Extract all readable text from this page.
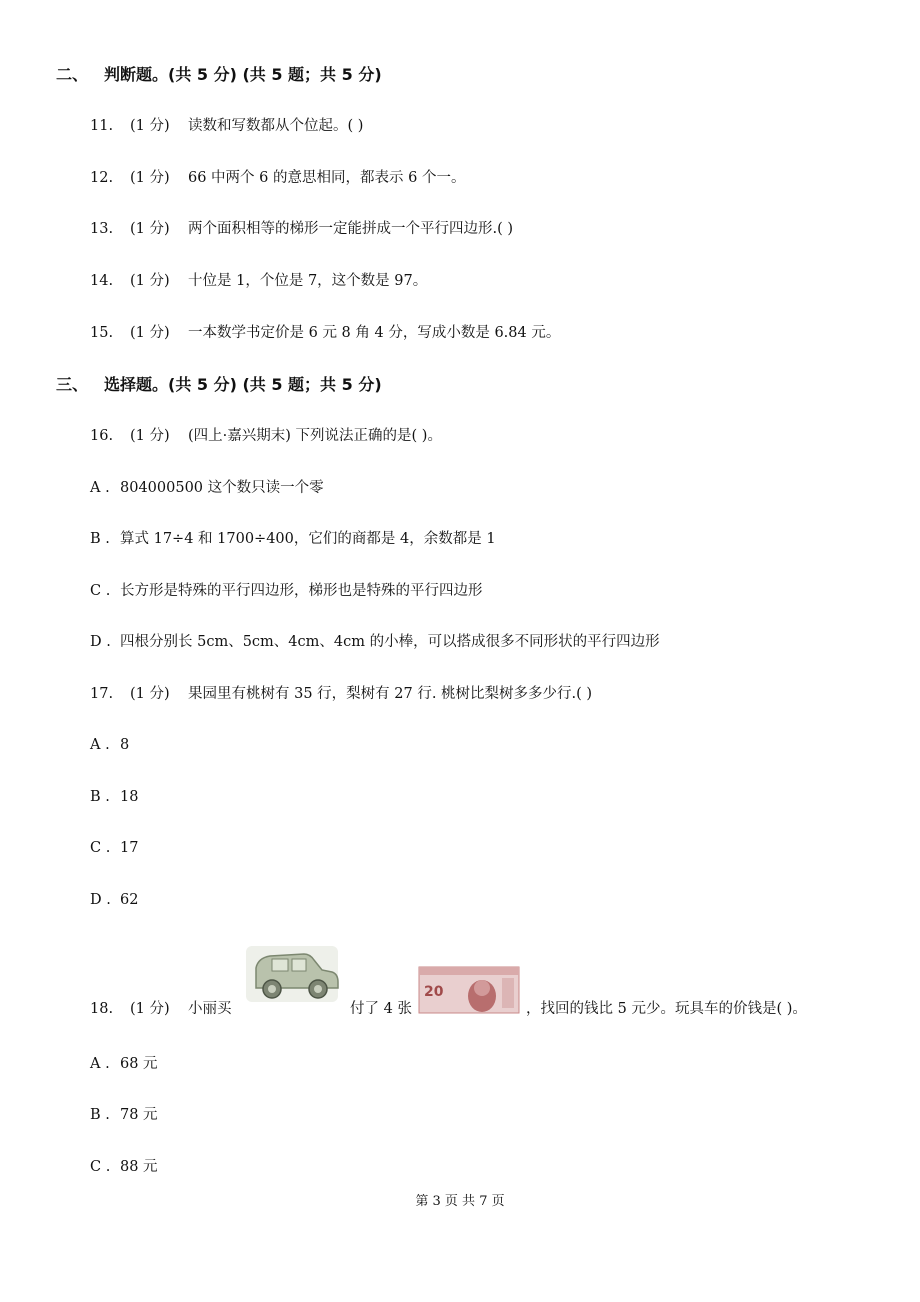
二、 判断题。(共 5 分) (共 5 题；共 5 分)
11. (1 分) 读数和写数都从个位起。( )
12. (1 分) 66 中两个 6 的意思相同，都表示 6 个一。
13. (1 分) 两个面积相等的梯形一定能拼成一个平行四边形.( )
14. (1 分) 十位是 1，个位是 7，这个数是 97。
15. (1 分) 一本数学书定价是 6 元 8 角 4 分，写成小数是 6.84 元。
三、 选择题。(共 5 分) (共 5 题；共 5 分)
16. (1 分) (四上·嘉兴期末) 下列说法正确的是( )。
A . 804000500 这个数只读一个零
B . 算式 17÷4 和 1700÷400，它们的商都是 4，余数都是 1
C . 长方形是特殊的平行四边形，梯形也是特殊的平行四边形
D . 四根分别长 5cm、5cm、4cm、4cm 的小棒，可以搭成很多不同形状的平行四边形
17. (1 分) 果园里有桃树有 35 行，梨树有 27 行. 桃树比梨树多多少行.( )
A . 8
B . 18
C . 17
D . 62
20
18. (1 分) 小丽买	付了 4 张	，找回的钱比 5 元少。玩具车的价钱是( )。
A . 68 元
B . 78 元
C . 88 元
第 3 页 共 7 页
